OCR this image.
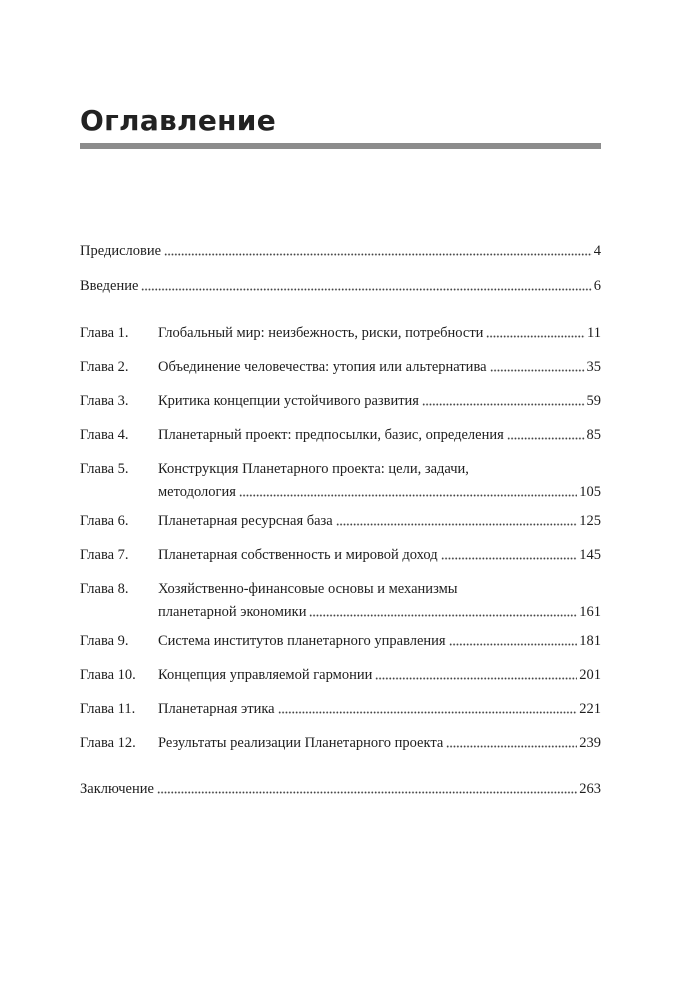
Оглавление
Предисловие	4
Введение	6
Глава 1. Глобальный мир: неизбежность, риски, потребности	11
Глава 2. Объединение человечества: утопия или альтернатива	35
Глава 3. Критика концепции устойчивого развития	59
Глава 4. Планетарный проект: предпосылки, базис, определения	85
Глава 5. Конструкция Планетарного проекта: цели, задачи,
методология	105
Глава 6. Планетарная ресурсная база	125
Глава 7. Планетарная собственность и мировой доход	145
Глава 8. Хозяйственно-финансовые основы и механизмы
планетарной экономики	161
Глава 9. Система институтов планетарного управления	181
Глава 10. Концепция управляемой гармонии	201
Глава 11. Планетарная этика	221
Глава 12. Результаты реализации Планетарного проекта	239
Заключение	263
